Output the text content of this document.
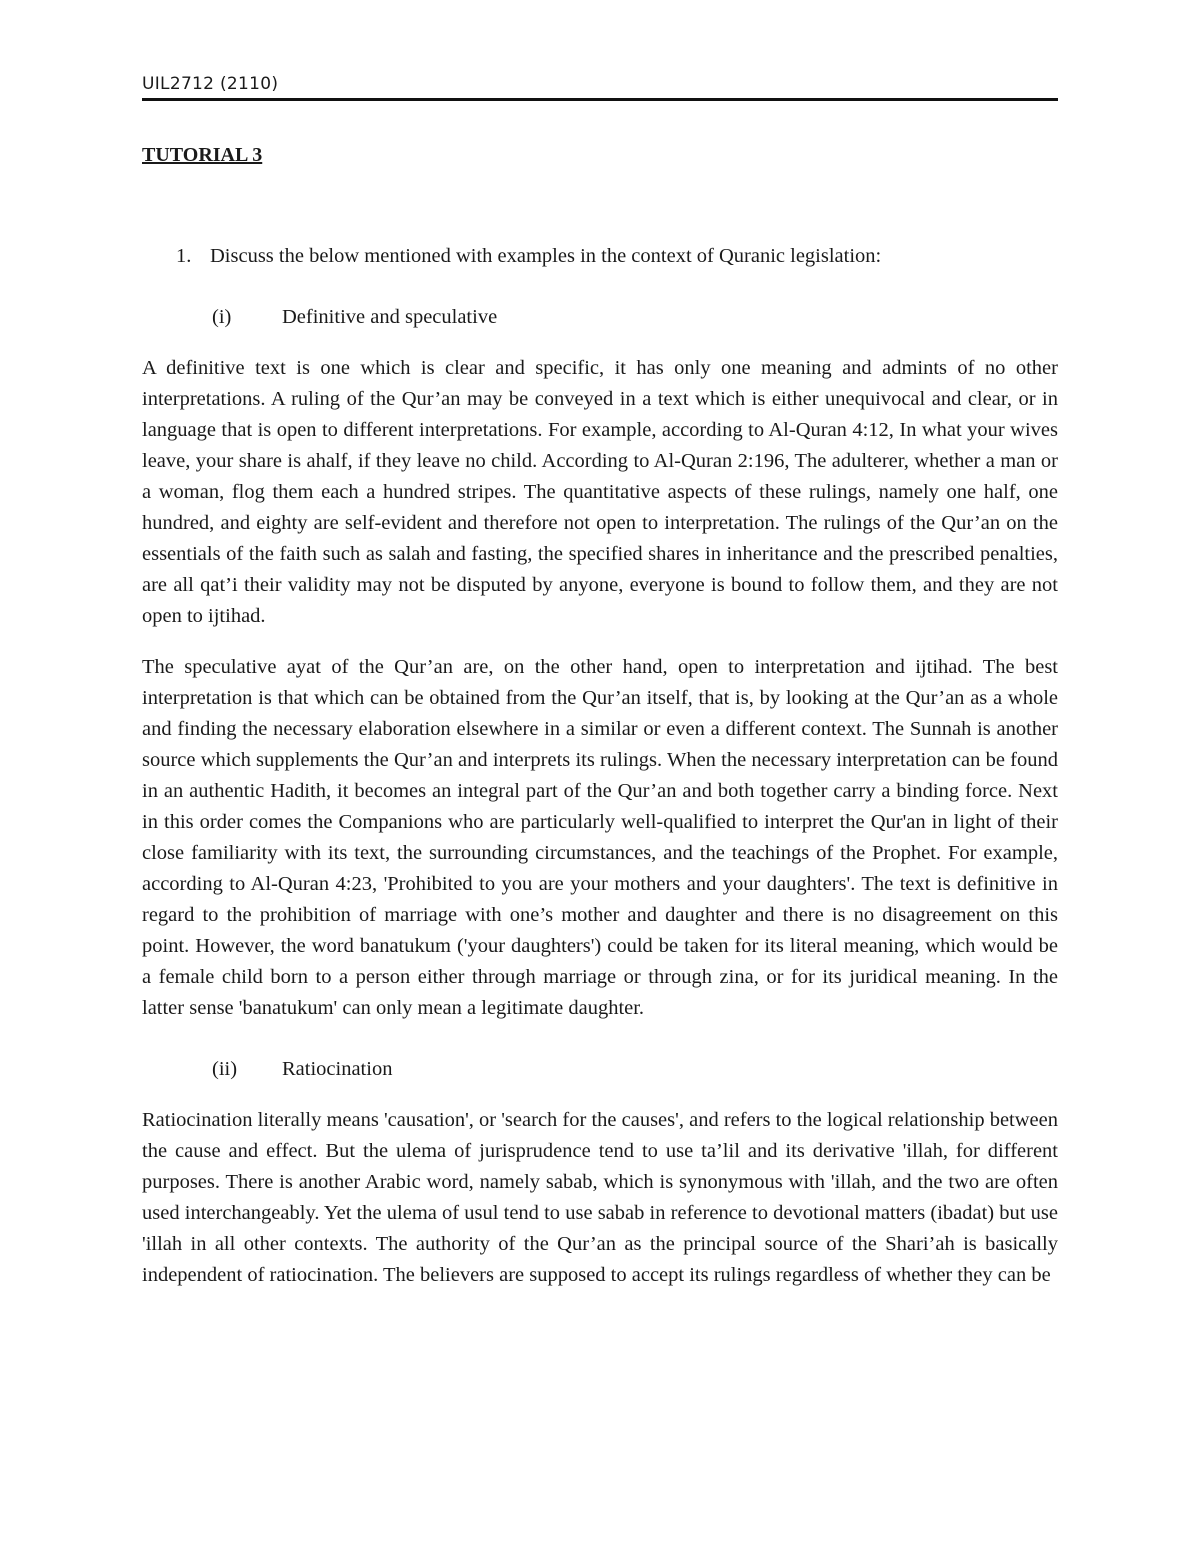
UIL2712 (2110)
TUTORIAL 3
1. Discuss the below mentioned with examples in the context of Quranic legislation:
(i)	Definitive and speculative

A definitive text is one which is clear and specific, it has only one meaning and admints of no other interpretations. A ruling of the Qur’an may be conveyed in a text which is either unequivocal and clear, or in language that is open to different interpretations. For example, according to Al-Quran 4:12, In what your wives leave, your share is ahalf, if they leave no child. According to Al-Quran 2:196, The adulterer, whether a man or a woman, flog them each a hundred stripes. The quantitative aspects of these rulings, namely one half, one hundred, and eighty are self-evident and therefore not open to interpretation. The rulings of the Qur’an on the essentials of the faith such as salah and fasting, the specified shares in inheritance and the prescribed penalties, are all qat’i their validity may not be disputed by anyone, everyone is bound to follow them, and they are not open to ijtihad.

The speculative ayat of the Qur’an are, on the other hand, open to interpretation and ijtihad. The best interpretation is that which can be obtained from the Qur’an itself, that is, by looking at the Qur’an as a whole and finding the necessary elaboration elsewhere in a similar or even a different context. The Sunnah is another source which supplements the Qur’an and interprets its rulings. When the necessary interpretation can be found in an authentic Hadith, it becomes an integral part of the Qur’an and both together carry a binding force. Next in this order comes the Companions who are particularly well-qualified to interpret the Qur'an in light of their close familiarity with its text, the surrounding circumstances, and the teachings of the Prophet. For example, according to Al-Quran 4:23, 'Prohibited to you are your mothers and your daughters'. The text is definitive in regard to the prohibition of marriage with one’s mother and daughter and there is no disagreement on this point. However, the word banatukum ('your daughters') could be taken for its literal meaning, which would be a female child born to a person either through marriage or through zina, or for its juridical meaning. In the latter sense 'banatukum' can only mean a legitimate daughter.

(ii)	Ratiocination

Ratiocination literally means 'causation', or 'search for the causes', and refers to the logical relationship between the cause and effect. But the ulema of jurisprudence tend to use ta’lil and its derivative 'illah, for different purposes. There is another Arabic word, namely sabab, which is synonymous with 'illah, and the two are often used interchangeably. Yet the ulema of usul tend to use sabab in reference to devotional matters (ibadat) but use 'illah in all other contexts. The authority of the Qur’an as the principal source of the Shari’ah is basically independent of ratiocination. The believers are supposed to accept its rulings regardless of whether they can be
